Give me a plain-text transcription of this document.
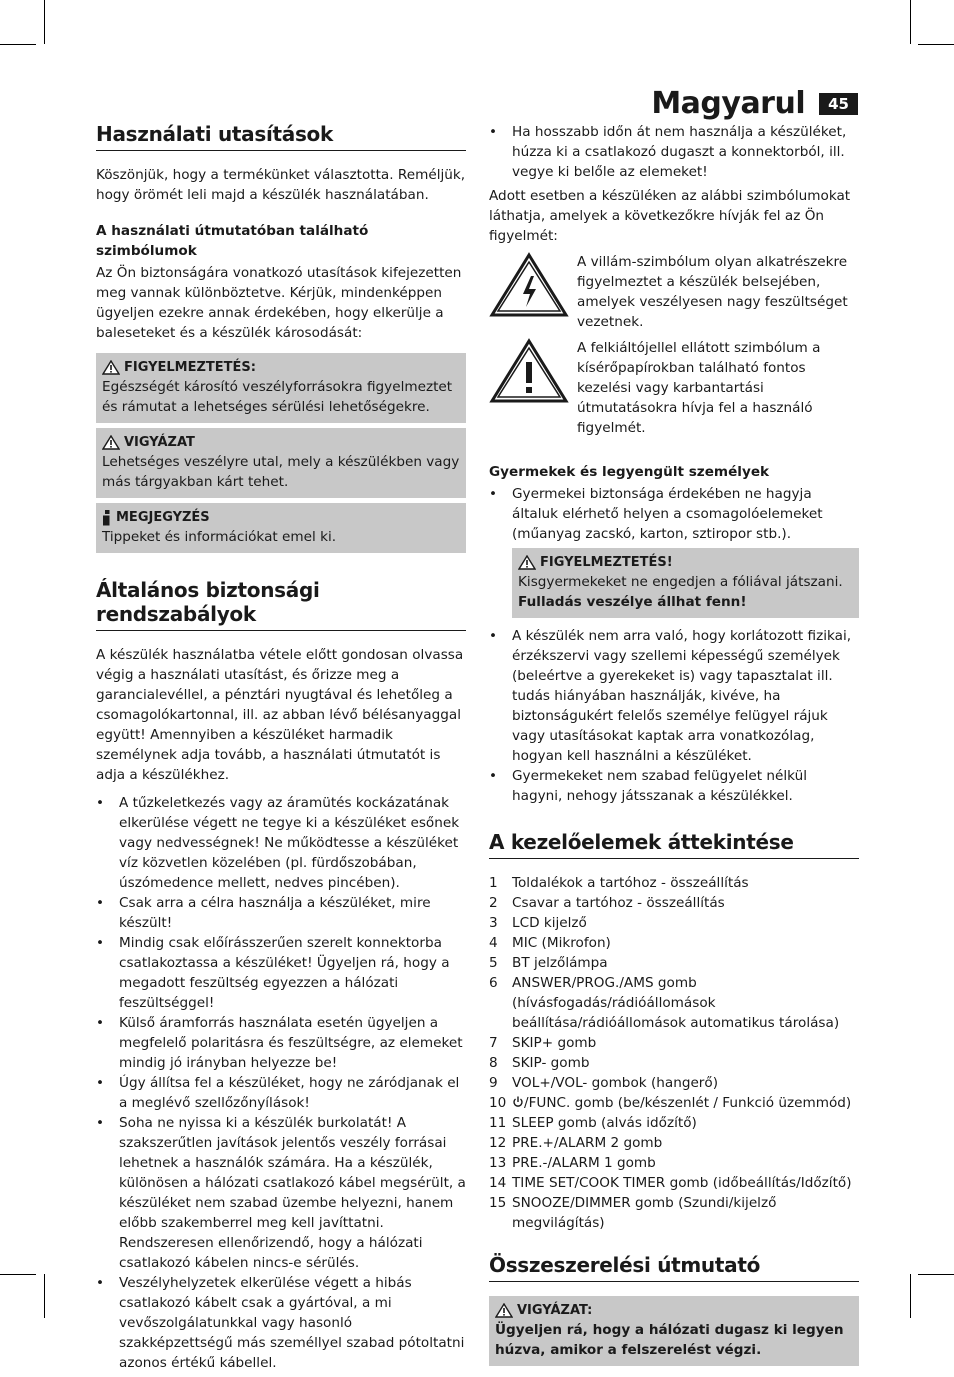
Magyarul	45
Használati utasítások

Köszönjük, hogy a termékünket választotta. Reméljük, hogy örömét leli majd a készülék használatában.

A használati útmutatóban található szimbólumok

Az Ön biztonságára vonatkozó utasítások kifejezetten meg vannak különböztetve. Kérjük, mindenképpen ügyeljen ezekre annak érdekében, hogy elkerülje a baleseteket és a készülék károsodását:

FIGYELMEZTETÉS:
Egészségét károsító veszélyforrásokra figyelmeztet és rámutat a lehetséges sérülési lehetőségekre.
VIGYÁZAT
Lehetséges veszélyre utal, mely a készülékben vagy más tárgyakban kárt tehet.
MEGJEGYZÉS
Tippeket és információkat emel ki.
Általános biztonsági rendszabályok

A készülék használatba vétele előtt gondosan olvassa végig a használati utasítást, és őrizze meg a garancialevéllel, a pénztári nyugtával és lehetőleg a csomagolókartonnal, ill. az abban lévő bélésanyaggal együtt! Amennyiben a készüléket harmadik személynek adja tovább, a használati útmutatót is adja a készülékhez.

• A tűzkeletkezés vagy az áramütés kockázatának elkerülése végett ne tegye ki a készüléket esőnek vagy nedvességnek! Ne működtesse a készüléket víz közvetlen közelében (pl. fürdőszobában, úszómedence mellett, nedves pincében).
• Csak arra a célra használja a készüléket, mire készült!
• Mindig csak előírásszerűen szerelt konnektorba csatlakoztassa a készüléket! Ügyeljen rá, hogy a megadott feszültség egyezzen a hálózati feszültséggel!
• Külső áramforrás használata esetén ügyeljen a megfelelő polaritásra és feszültségre, az elemeket mindig jó irányban helyezze be!
• Úgy állítsa fel a készüléket, hogy ne záródjanak el a meglévő szellőzőnyílások!
• Soha ne nyissa ki a készülék burkolatát! A szakszerűtlen javítások jelentős veszély forrásai lehetnek a használók számára. Ha a készülék, különösen a hálózati csatlakozó kábel megsérült, a készüléket nem szabad üzembe helyezni, hanem előbb szakemberrel meg kell javíttatni. Rendszeresen ellenőrizendő, hogy a hálózati csatlakozó kábelen nincs-e sérülés.
• Veszélyhelyzetek elkerülése végett a hibás csatlakozó kábelt csak a gyártóval, a mi vevőszolgálatunkkal vagy hasonló szakképzettségű más személlyel szabad pótoltatni azonos értékű kábellel.
• Ha hosszabb időn át nem használja a készüléket, húzza ki a csatlakozó dugaszt a konnektorból, ill. vegye ki belőle az elemeket!

Adott esetben a készüléken az alábbi szimbólumokat láthatja, amelyek a következőkre hívják fel az Ön figyelmét:

A villám-szimbólum olyan alkatrészekre figyelmeztet a készülék belsejében, amelyek veszélyesen nagy feszültséget vezetnek.

A felkiáltójellel ellátott szimbólum a kísérőpapírokban található fontos kezelési vagy karbantartási útmutatásokra hívja fel a használó figyelmét.

Gyermekek és legyengült személyek
• Gyermekei biztonsága érdekében ne hagyja általuk elérhető helyen a csomagolóelemeket (műanyag zacskó, karton, sztiropor stb.).
FIGYELMEZTETÉS!
Kisgyermekeket ne engedjen a fóliával játszani. Fulladás veszélye állhat fenn!
• A készülék nem arra való, hogy korlátozott fizikai, érzékszervi vagy szellemi képességű személyek (beleértve a gyerekeket is) vagy tapasztalat ill. tudás hiányában használják, kivéve, ha biztonságukért felelős személye felügyel rájuk vagy utasításokat kaptak arra vonatkozólag, hogyan kell használni a készüléket.
• Gyermekeket nem szabad felügyelet nélkül hagyni, nehogy játsszanak a készülékkel.
A kezelőelemek áttekintése
1	Toldalékok a tartóhoz - összeállítás
2	Csavar a tartóhoz - összeállítás
3	LCD kijelző
4	MIC (Mikrofon)
5	BT jelzőlámpa
6	ANSWER/PROG./AMS gomb (hívásfogadás/rádióállomások beállítása/rádióállomások automatikus tárolása)
7	SKIP+ gomb
8	SKIP- gomb
9	VOL+/VOL- gombok (hangerő)
10	/FUNC. gomb (be/készenlét / Funkció üzemmód)
11 SLEEP gomb (alvás időzítő)
12 PRE.+/ALARM 2 gomb
13 PRE.-/ALARM 1 gomb
14 TIME SET/COOK TIMER gomb (időbeállítás/Időzítő)
15 SNOOZE/DIMMER gomb (Szundi/kijelző megvilágítás)
Összeszerelési útmutató
VIGYÁZAT:
Ügyeljen rá, hogy a hálózati dugasz ki legyen húzva, amikor a felszerelést végzi.
